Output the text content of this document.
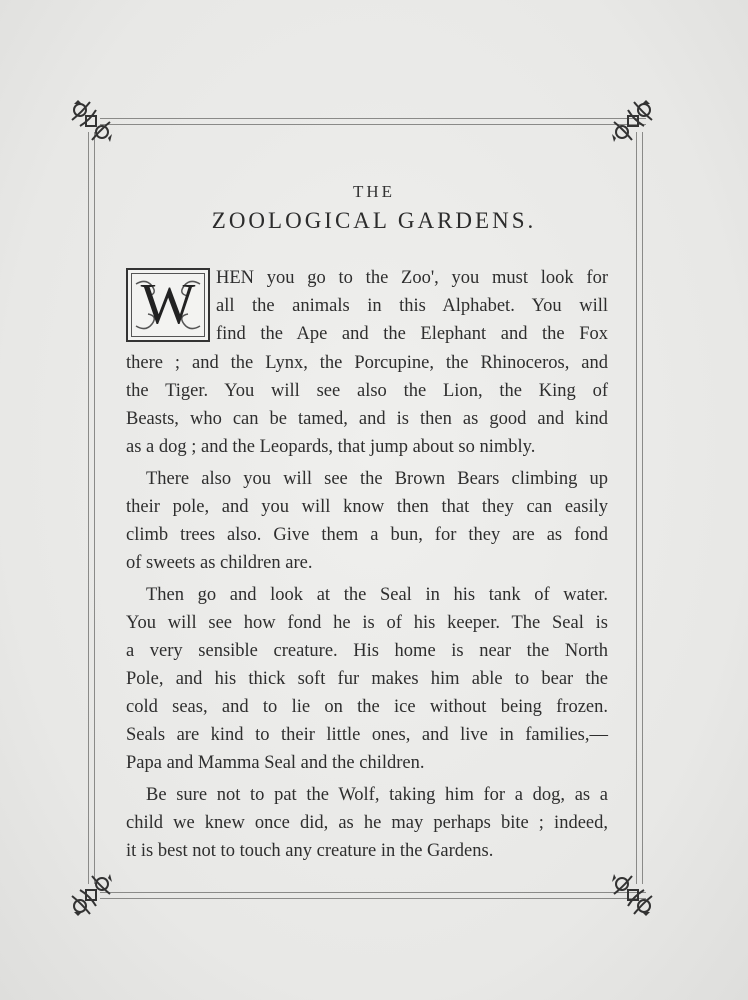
THE
ZOOLOGICAL GARDENS.
W	HEN you go to the Zoo', you must look for
all the animals in this Alphabet. You will
find the Ape and the Elephant and the Fox
there ; and the Lynx, the Porcupine, the Rhinoceros, and
the Tiger. You will see also the Lion, the King of
Beasts, who can be tamed, and is then as good and kind
as a dog ; and the Leopards, that jump about so nimbly.
There also you will see the Brown Bears climbing up
their pole, and you will know then that they can easily
climb trees also. Give them a bun, for they are as fond
of sweets as children are.
Then go and look at the Seal in his tank of water.
You will see how fond he is of his keeper. The Seal is
a very sensible creature. His home is near the North
Pole, and his thick soft fur makes him able to bear the
cold seas, and to lie on the ice without being frozen.
Seals are kind to their little ones, and live in families,—
Papa and Mamma Seal and the children.
Be sure not to pat the Wolf, taking him for a dog, as a
child we knew once did, as he may perhaps bite ; indeed,
it is best not to touch any creature in the Gardens.
